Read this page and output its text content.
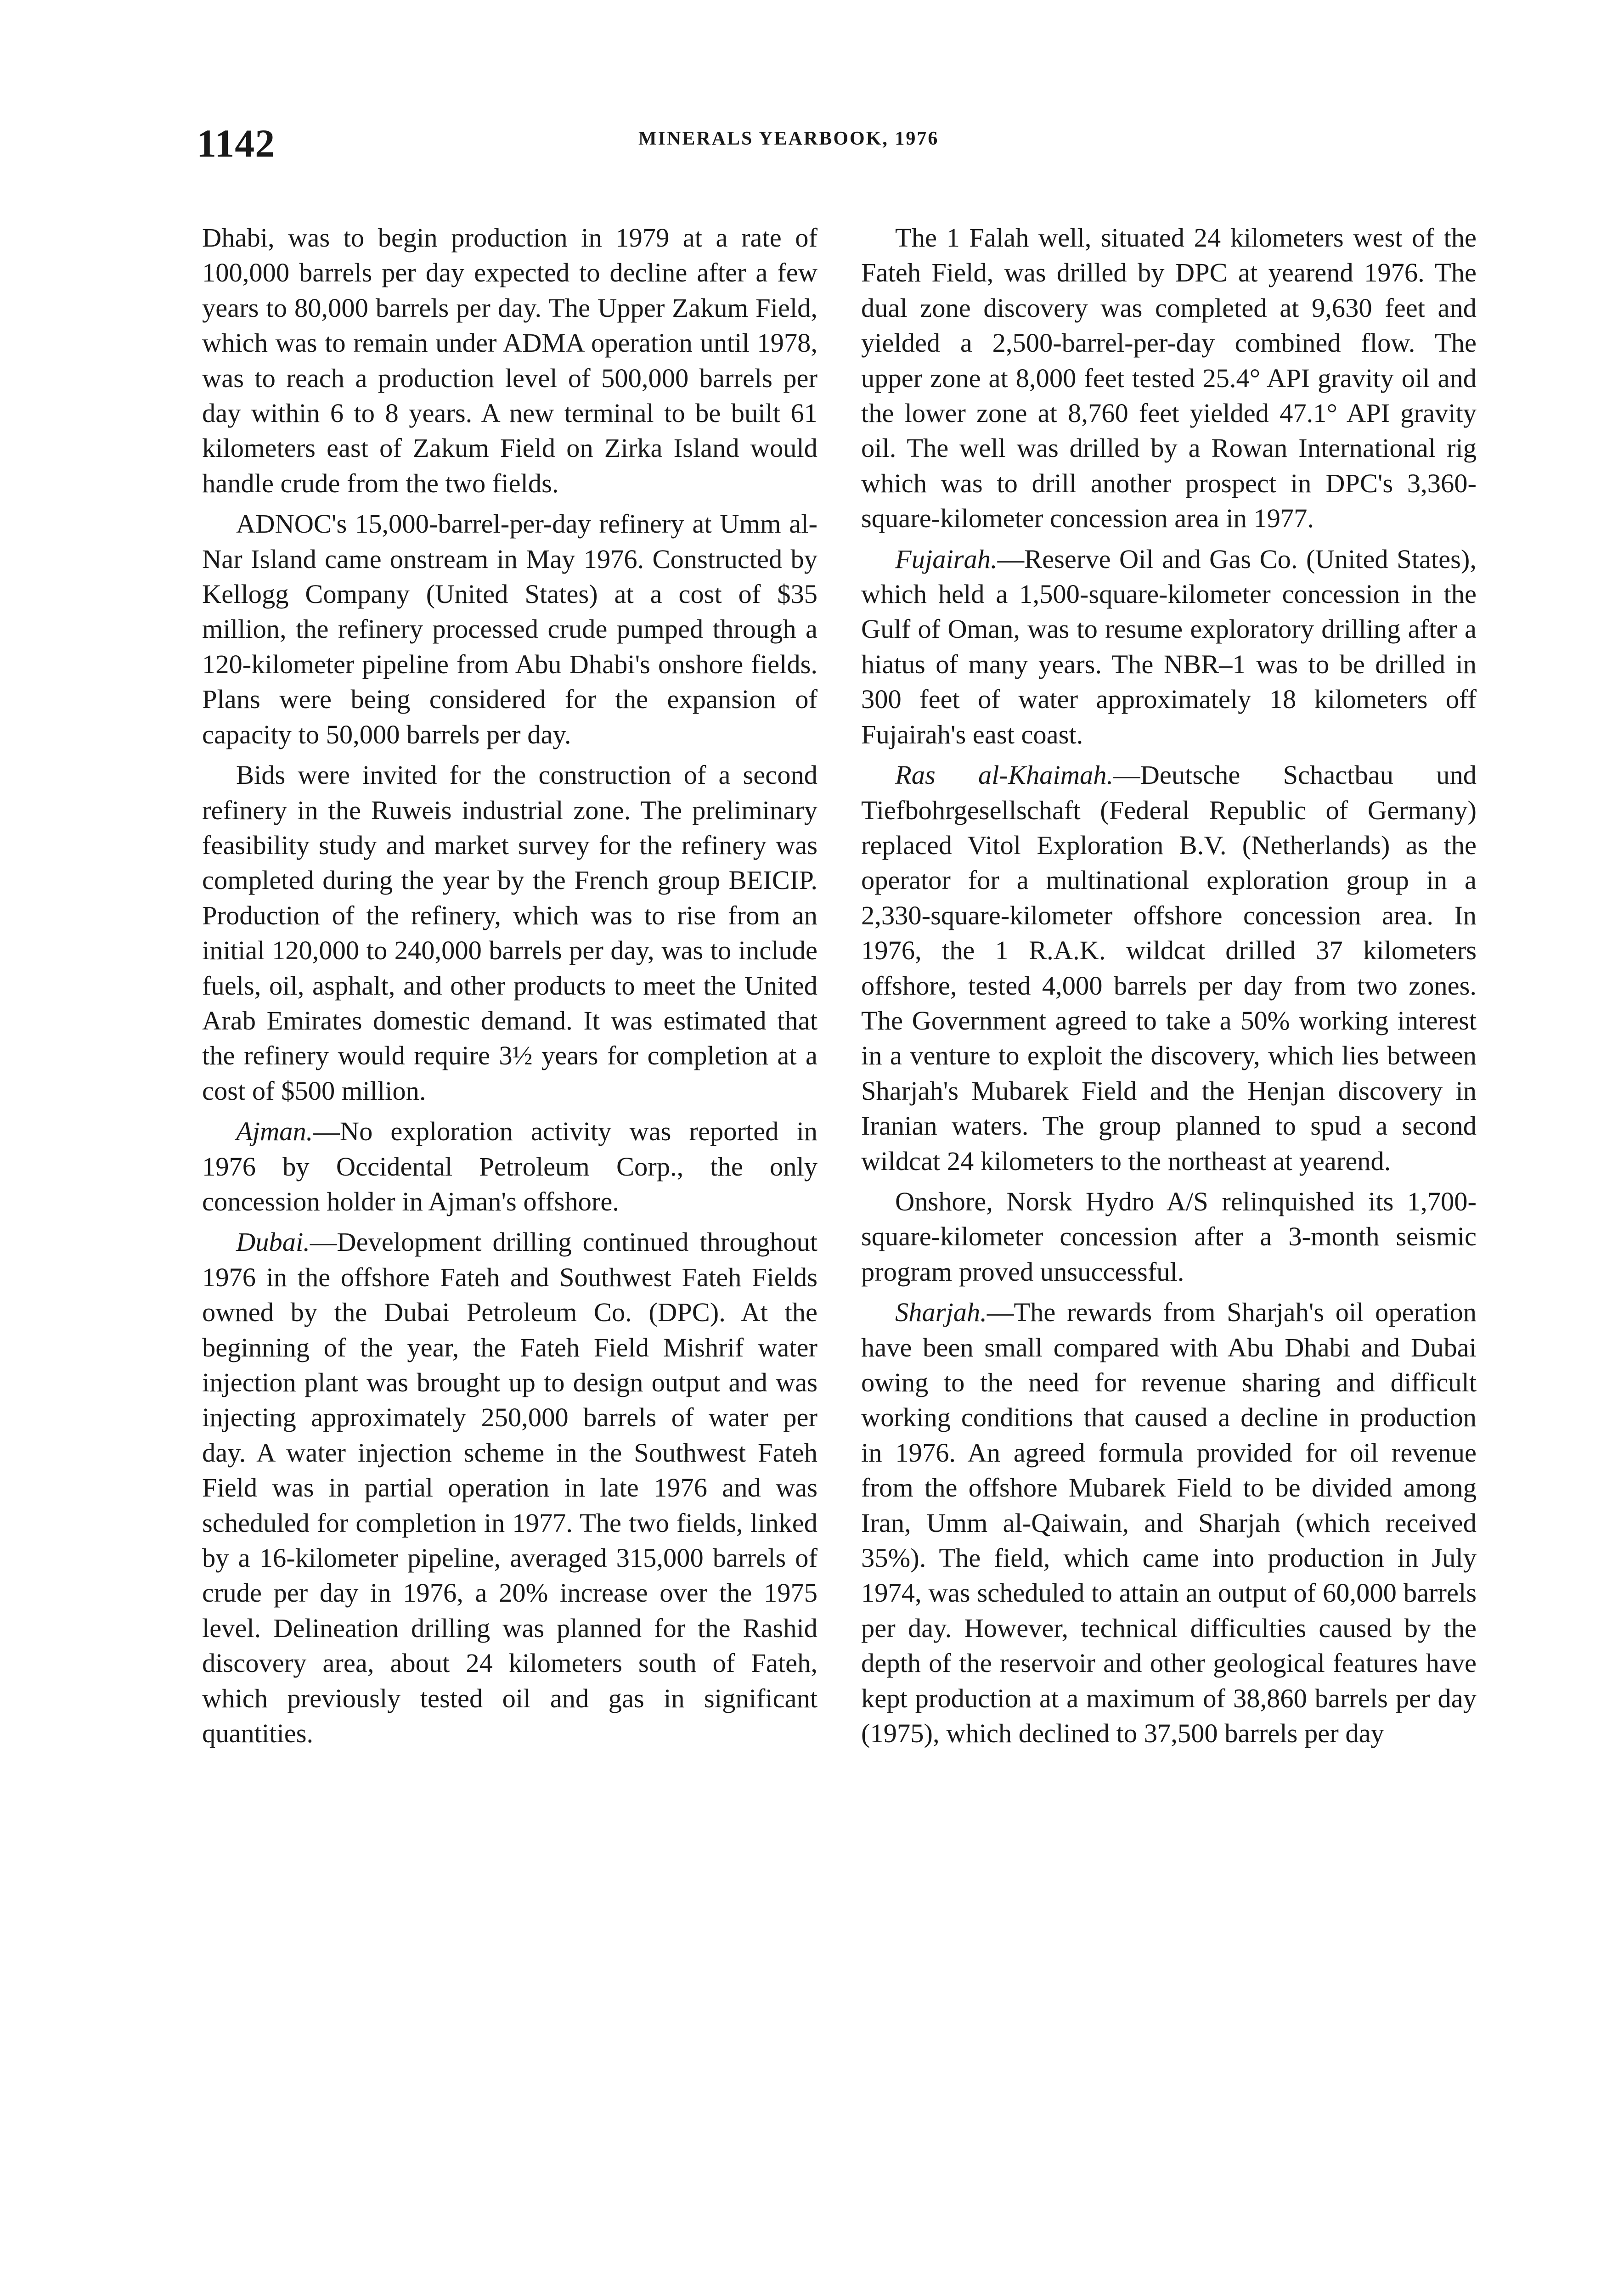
1142	MINERALS YEARBOOK, 1976

Dhabi, was to begin production in 1979 at a rate of 100,000 barrels per day expected to decline after a few years to 80,000 barrels per day. The Upper Zakum Field, which was to remain under ADMA operation until 1978, was to reach a production level of 500,000 barrels per day within 6 to 8 years. A new terminal to be built 61 kilometers east of Zakum Field on Zirka Island would handle crude from the two fields.

ADNOC's 15,000-barrel-per-day refinery at Umm al-Nar Island came onstream in May 1976. Constructed by Kellogg Company (United States) at a cost of $35 million, the refinery processed crude pumped through a 120-kilometer pipeline from Abu Dhabi's onshore fields. Plans were being considered for the expansion of capacity to 50,000 barrels per day.

Bids were invited for the construction of a second refinery in the Ruweis industrial zone. The preliminary feasibility study and market survey for the refinery was completed during the year by the French group BEICIP. Production of the refinery, which was to rise from an initial 120,000 to 240,000 barrels per day, was to include fuels, oil, asphalt, and other products to meet the United Arab Emirates domestic demand. It was estimated that the refinery would require 3½ years for completion at a cost of $500 million.

Ajman.—No exploration activity was reported in 1976 by Occidental Petroleum Corp., the only concession holder in Ajman's offshore.

Dubai.—Development drilling continued throughout 1976 in the offshore Fateh and Southwest Fateh Fields owned by the Dubai Petroleum Co. (DPC). At the beginning of the year, the Fateh Field Mishrif water injection plant was brought up to design output and was injecting approximately 250,000 barrels of water per day. A water injection scheme in the Southwest Fateh Field was in partial operation in late 1976 and was scheduled for completion in 1977. The two fields, linked by a 16-kilometer pipeline, averaged 315,000 barrels of crude per day in 1976, a 20% increase over the 1975 level. Delineation drilling was planned for the Rashid discovery area, about 24 kilometers south of Fateh, which previously tested oil and gas in significant quantities.

The 1 Falah well, situated 24 kilometers west of the Fateh Field, was drilled by DPC at yearend 1976. The dual zone discovery was completed at 9,630 feet and yielded a 2,500-barrel-per-day combined flow. The upper zone at 8,000 feet tested 25.4° API gravity oil and the lower zone at 8,760 feet yielded 47.1° API gravity oil. The well was drilled by a Rowan International rig which was to drill another prospect in DPC's 3,360-square-kilometer concession area in 1977.

Fujairah.—Reserve Oil and Gas Co. (United States), which held a 1,500-square-kilometer concession in the Gulf of Oman, was to resume exploratory drilling after a hiatus of many years. The NBR–1 was to be drilled in 300 feet of water approximately 18 kilometers off Fujairah's east coast.

Ras al-Khaimah.—Deutsche Schactbau und Tiefbohrgesellschaft (Federal Republic of Germany) replaced Vitol Exploration B.V. (Netherlands) as the operator for a multinational exploration group in a 2,330-square-kilometer offshore concession area. In 1976, the 1 R.A.K. wildcat drilled 37 kilometers offshore, tested 4,000 barrels per day from two zones. The Government agreed to take a 50% working interest in a venture to exploit the discovery, which lies between Sharjah's Mubarek Field and the Henjan discovery in Iranian waters. The group planned to spud a second wildcat 24 kilometers to the northeast at yearend.

Onshore, Norsk Hydro A/S relinquished its 1,700-square-kilometer concession after a 3-month seismic program proved unsuccessful.

Sharjah.—The rewards from Sharjah's oil operation have been small compared with Abu Dhabi and Dubai owing to the need for revenue sharing and difficult working conditions that caused a decline in production in 1976. An agreed formula provided for oil revenue from the offshore Mubarek Field to be divided among Iran, Umm al-Qaiwain, and Sharjah (which received 35%). The field, which came into production in July 1974, was scheduled to attain an output of 60,000 barrels per day. However, technical difficulties caused by the depth of the reservoir and other geological features have kept production at a maximum of 38,860 barrels per day (1975), which declined to 37,500 barrels per day
